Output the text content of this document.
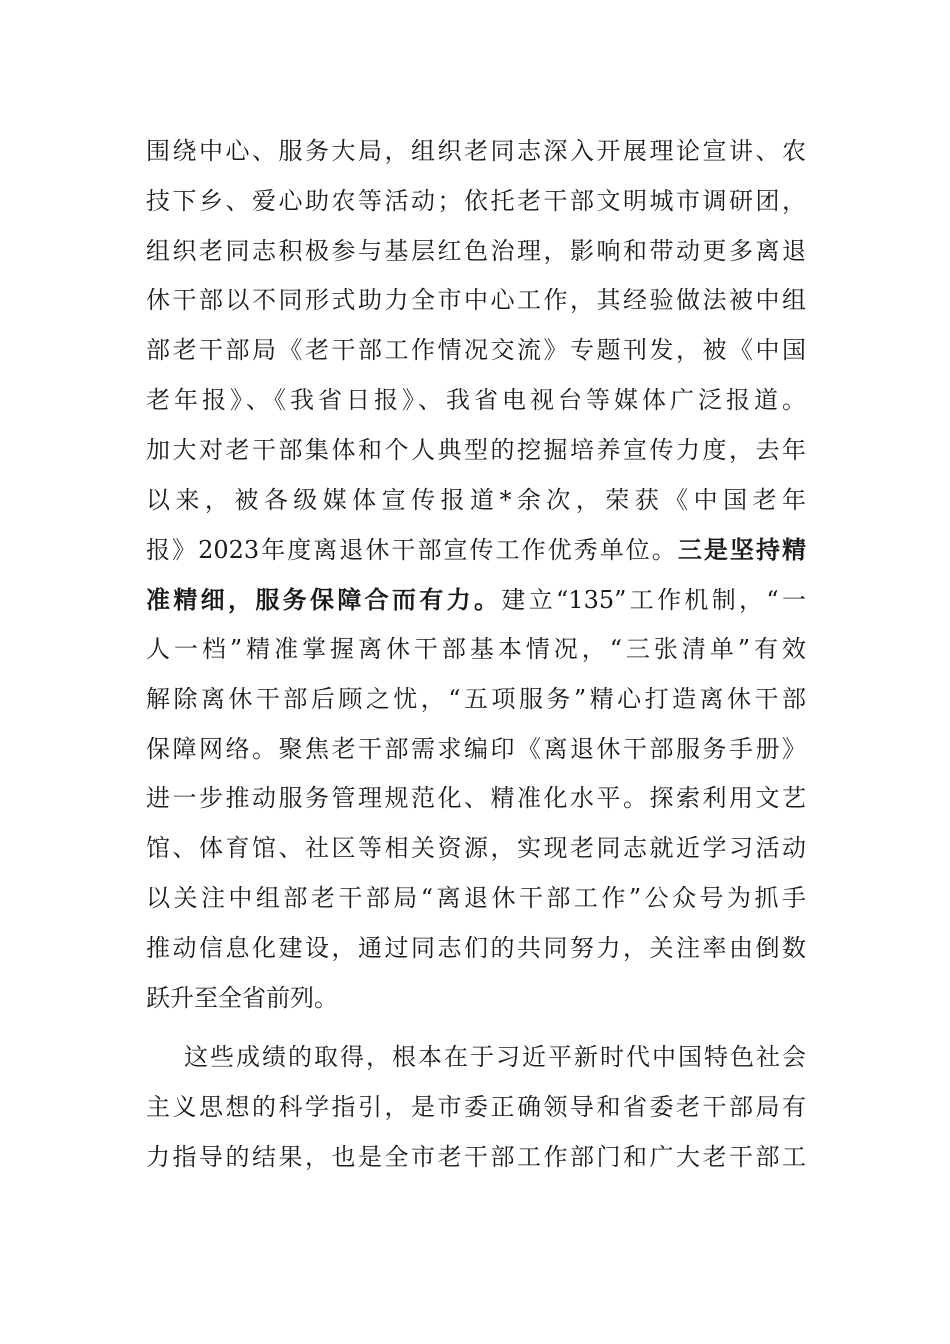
围绕中心、服务大局，组织老同志深入开展理论宣讲、农
技下乡、爱心助农等活动；依托老干部文明城市调研团，
组织老同志积极参与基层红色治理，影响和带动更多离退
休干部以不同形式助力全市中心工作，其经验做法被中组
部老干部局《老干部工作情况交流》专题刊发，被《中国
老年报》、《我省日报》、我省电视台等媒体广泛报道。
加大对老干部集体和个人典型的挖掘培养宣传力度，去年
以来，被各级媒体宣传报道*余次，荣获《中国老年
报》2023年度离退休干部宣传工作优秀单位。三是坚持精
准精细，服务保障合而有力。建立“135”工作机制，“一
人一档”精准掌握离休干部基本情况，“三张清单”有效
解除离休干部后顾之忧，“五项服务”精心打造离休干部
保障网络。聚焦老干部需求编印《离退休干部服务手册》
进一步推动服务管理规范化、精准化水平。探索利用文艺
馆、体育馆、社区等相关资源，实现老同志就近学习活动
以关注中组部老干部局“离退休干部工作”公众号为抓手
推动信息化建设，通过同志们的共同努力，关注率由倒数
跃升至全省前列。
这些成绩的取得，根本在于习近平新时代中国特色社会
主义思想的科学指引，是市委正确领导和省委老干部局有
力指导的结果，也是全市老干部工作部门和广大老干部工
